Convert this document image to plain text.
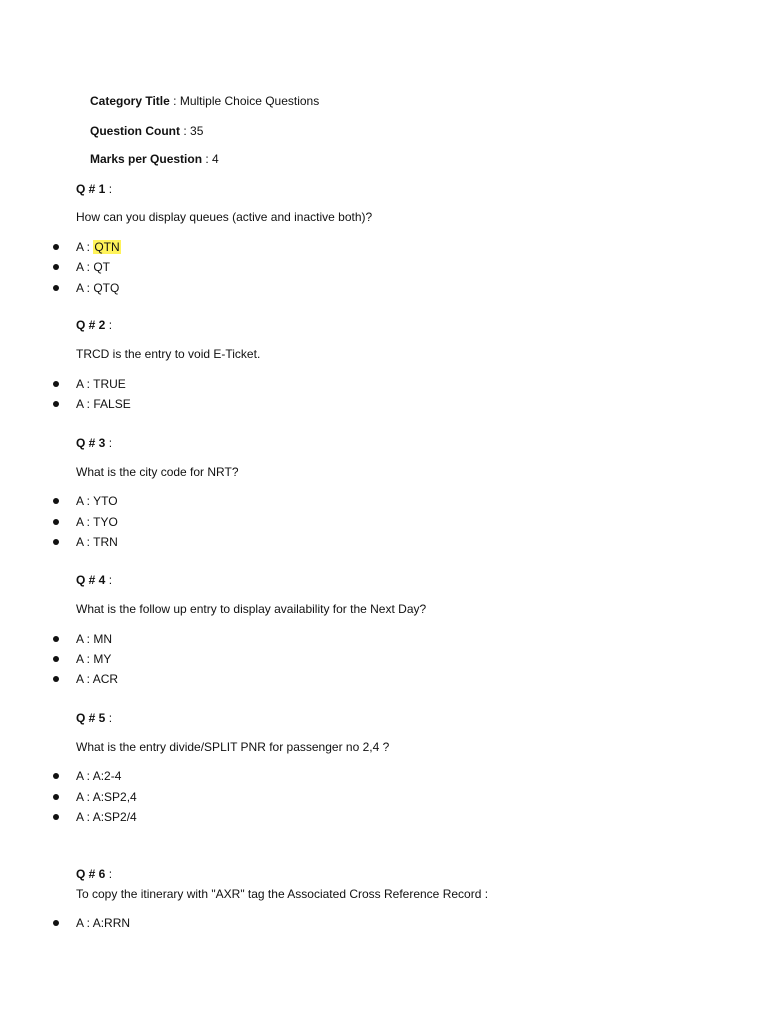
Category Title : Multiple Choice Questions
Question Count : 35
Marks per Question : 4
Q # 1 :
How can you display queues (active and inactive both)?
A : QTN
A : QT
A : QTQ
Q # 2 :
TRCD is the entry to void E-Ticket.
A : TRUE
A : FALSE
Q # 3 :
What is the city code for NRT?
A : YTO
A : TYO
A : TRN
Q # 4 :
What is the follow up entry to display availability for the Next Day?
A : MN
A : MY
A : ACR
Q # 5 :
What is the entry divide/SPLIT PNR for passenger no 2,4 ?
A : A:2-4
A : A:SP2,4
A : A:SP2/4
Q # 6 :
To copy the itinerary with "AXR" tag the Associated Cross Reference Record :
A : A:RRN
